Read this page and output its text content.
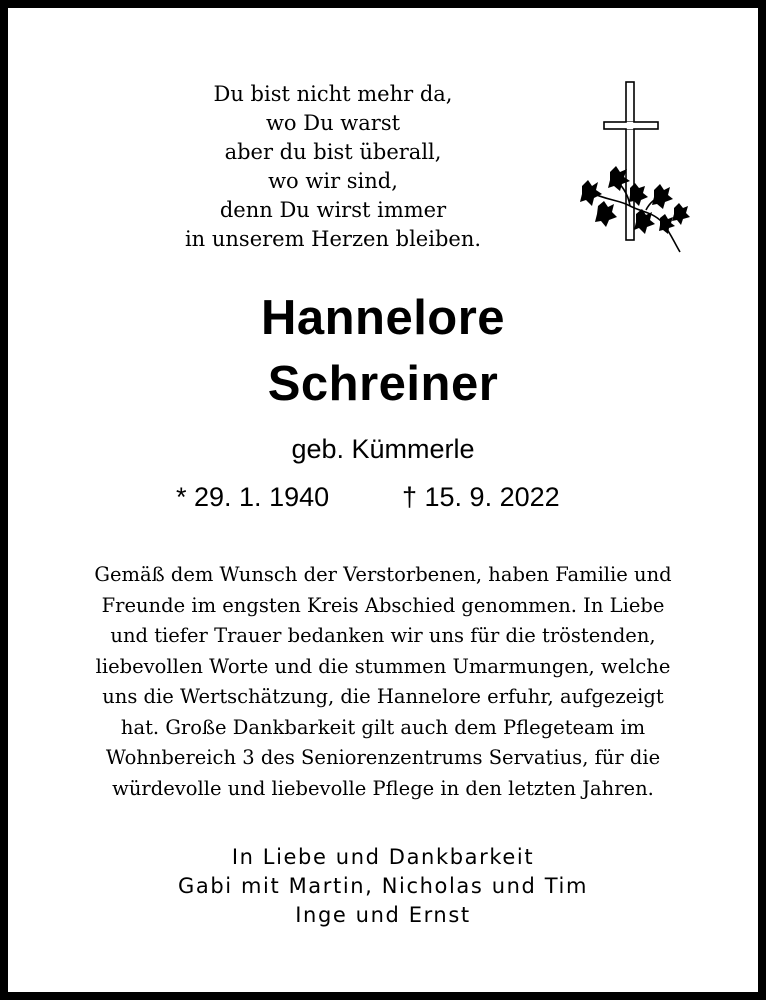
Du bist nicht mehr da,
wo Du warst
aber du bist überall,
wo wir sind,
denn Du wirst immer
in unserem Herzen bleiben.
Hannelore
Schreiner
geb. Kümmerle
* 29. 1. 1940	† 15. 9. 2022
Gemäß dem Wunsch der Verstorbenen, haben Familie und
Freunde im engsten Kreis Abschied genommen. In Liebe
und tiefer Trauer bedanken wir uns für die tröstenden,
liebevollen Worte und die stummen Umarmungen, welche
uns die Wertschätzung, die Hannelore erfuhr, aufgezeigt
hat. Große Dankbarkeit gilt auch dem Pflegeteam im
Wohnbereich 3 des Seniorenzentrums Servatius, für die
würdevolle und liebevolle Pflege in den letzten Jahren.
In Liebe und Dankbarkeit
Gabi mit Martin, Nicholas und Tim
Inge und Ernst
